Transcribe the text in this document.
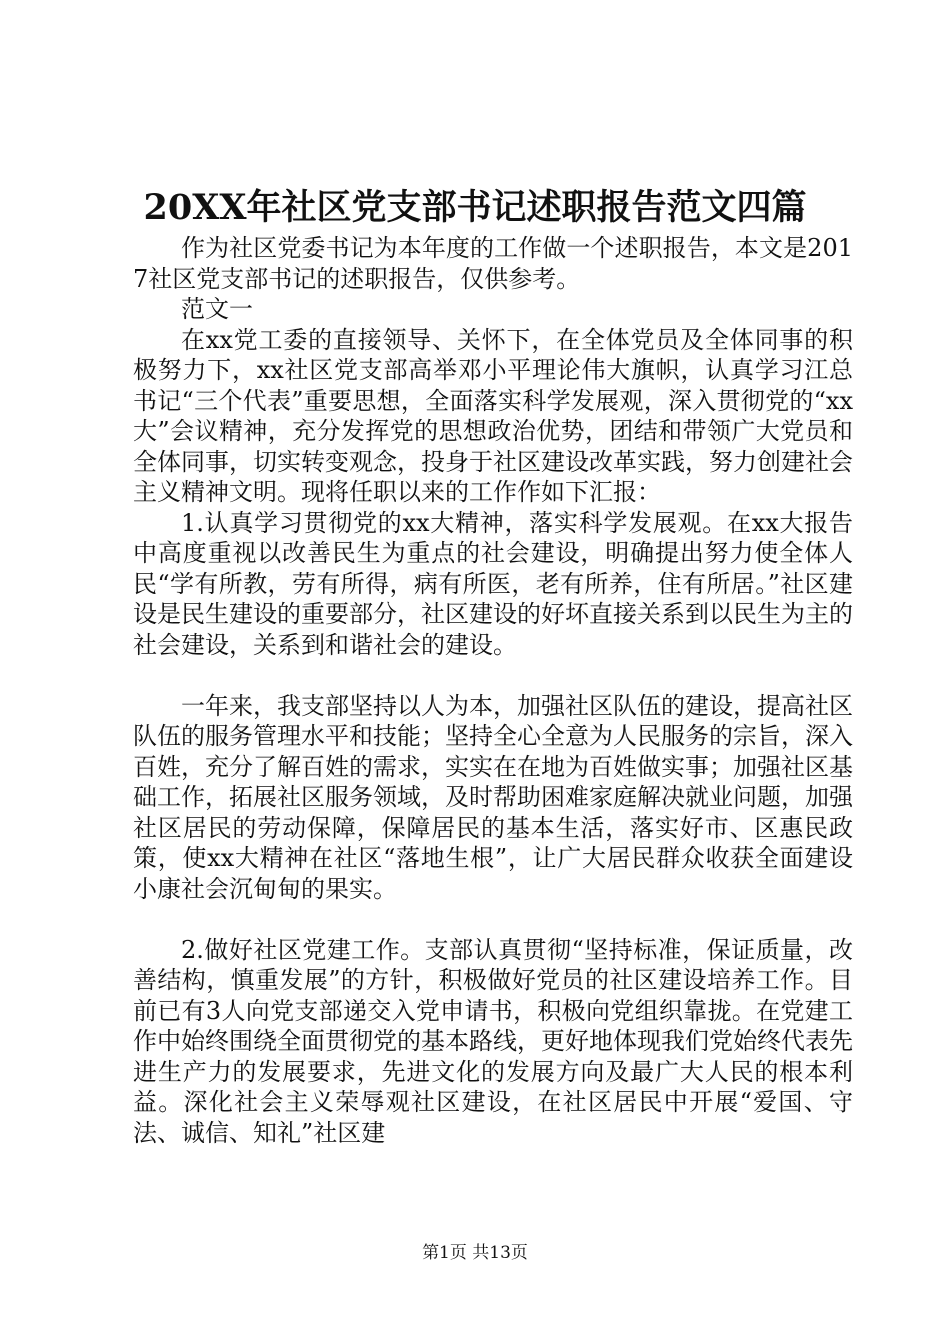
20XX年社区党支部书记述职报告范文四篇

作为社区党委书记为本年度的工作做一个述职报告，本文是2017社区党支部书记的述职报告，仅供参考。

范文一

在xx党工委的直接领导、关怀下，在全体党员及全体同事的积极努力下，xx社区党支部高举邓小平理论伟大旗帜，认真学习江总书记“三个代表”重要思想，全面落实科学发展观，深入贯彻党的“xx大”会议精神，充分发挥党的思想政治优势，团结和带领广大党员和全体同事，切实转变观念，投身于社区建设改革实践，努力创建社会主义精神文明。现将任职以来的工作作如下汇报：

1.认真学习贯彻党的xx大精神，落实科学发展观。在xx大报告中高度重视以改善民生为重点的社会建设，明确提出努力使全体人民“学有所教，劳有所得，病有所医，老有所养，住有所居。”社区建设是民生建设的重要部分，社区建设的好坏直接关系到以民生为主的社会建设，关系到和谐社会的建设。

一年来，我支部坚持以人为本，加强社区队伍的建设，提高社区队伍的服务管理水平和技能；坚持全心全意为人民服务的宗旨，深入百姓，充分了解百姓的需求，实实在在地为百姓做实事；加强社区基础工作，拓展社区服务领域，及时帮助困难家庭解决就业问题，加强社区居民的劳动保障，保障居民的基本生活，落实好市、区惠民政策，使xx大精神在社区“落地生根”，让广大居民群众收获全面建设小康社会沉甸甸的果实。

2.做好社区党建工作。支部认真贯彻“坚持标准，保证质量，改善结构，慎重发展”的方针，积极做好党员的社区建设培养工作。目前已有3人向党支部递交入党申请书，积极向党组织靠拢。在党建工作中始终围绕全面贯彻党的基本路线，更好地体现我们党始终代表先进生产力的发展要求，先进文化的发展方向及最广大人民的根本利益。深化社会主义荣辱观社区建设，在社区居民中开展“爱国、守法、诚信、知礼”社区建

第1页 共13页
